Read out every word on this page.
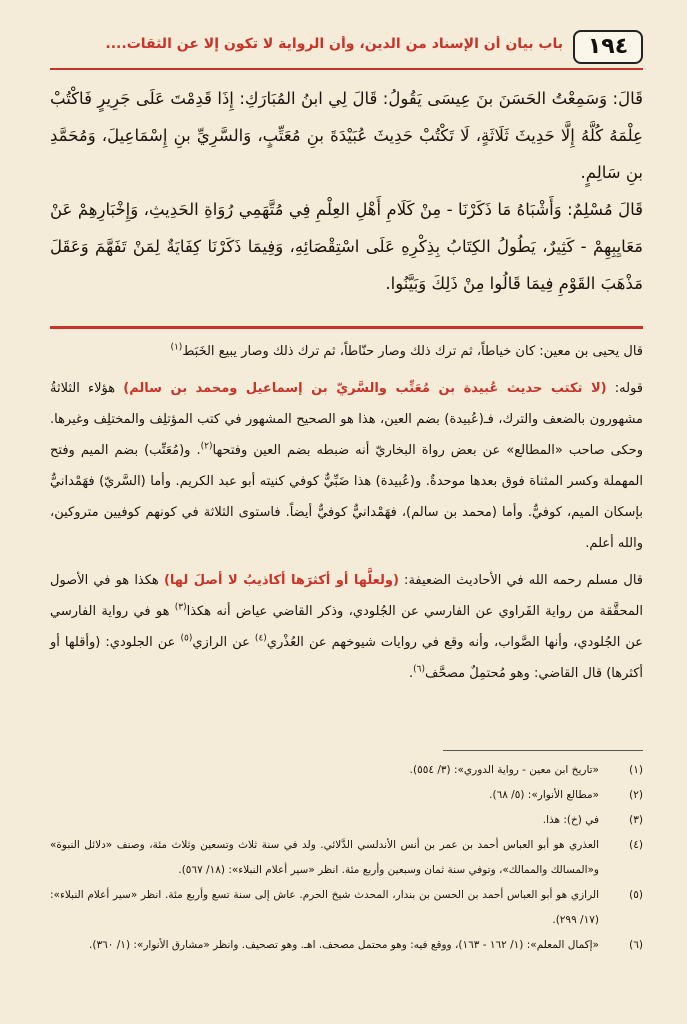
١٩٤
باب بيان أن الإسناد من الدين، وأن الرواية لا تكون إلا عن الثقات....

قَالَ: وَسَمِعْتُ الحَسَنَ بنَ عِيسَى يَقُولُ: قَالَ لِي ابنُ المُبَارَكِ: إِذَا قَدِمْتَ عَلَى جَرِيرٍ فَاكْتُبْ عِلْمَهُ كُلَّهُ إِلَّا حَدِيثَ ثَلَاثَةٍ، لَا تَكْتُبْ حَدِيثَ عُبَيْدَةَ بنِ مُعَتِّبٍ، وَالسَّرِيِّ بنِ إِسْمَاعِيلَ، وَمُحَمَّدِ بنِ سَالِمٍ.

قَالَ مُسْلِمٌ: وَأَشْبَاهُ مَا ذَكَرْنَا - مِنْ كَلَامِ أَهْلِ العِلْمِ فِي مُتَّهَمِي رُوَاةِ الحَدِيثِ، وَإِخْبَارِهِمْ عَنْ مَعَايِبِهِمْ - كَثِيرٌ، يَطُولُ الكِتَابُ بِذِكْرِهِ عَلَى اسْتِقْصَائِهِ، وَفِيمَا ذَكَرْنَا كِفَايَةٌ لِمَنْ تَفَهَّمَ وَعَقَلَ مَذْهَبَ القَوْمِ فِيمَا قَالُوا مِنْ ذَلِكَ وَبَيَّنُوا.

قال يحيى بن معين: كان خياطاً، ثم ترك ذلك وصار حنّاطاً، ثم ترك ذلك وصار يبيع الخَبَط$^{(١)}$

قوله: (لا تكتب حديث عُبيدة بن مُعَتِّب والسَّريّ بن إسماعيل ومحمد بن سالم) هؤلاء الثلاثةُ مشهورون بالضعف والترك، فـ(عُبيدة) بضم العين، هذا هو الصحيح المشهور في كتب المؤتلِف والمختلِف وغيرها. وحكى صاحب «المطالع» عن بعض رواة البخاريّ أنه ضبطه بضم العين وفتحها$^{(٢)}$. و(مُعَتِّب) بضم الميم وفتح المهملة وكسر المثناة فوق بعدها موحدةٌ. و(عُبيدة) هذا ضَبِّيٌّ كوفي كنيته أبو عبد الكريم. وأما (السَّريّ) فهَمْدانيٌّ بإسكان الميم، كوفيٌّ. وأما (محمد بن سالم)، فهَمْدانيٌّ كوفيٌّ أيضاً. فاستوى الثلاثة في كونهم كوفيين متروكين، والله أعلم.

قال مسلم رحمه الله في الأحاديث الضعيفة: (ولعلَّها أو أكثرَها أكاذيبُ لا أصلَ لها) هكذا هو في الأصول المحقَّقة من رواية الفَراوي عن الفارسي عن الجُلودي، وذكر القاضي عياض أنه هكذا$^{(٣)}$ هو في رواية الفارسي عن الجُلودي، وأنها الصَّواب، وأنه وقع في روايات شيوخهم عن العُذْري$^{(٤)}$ عن الرازي$^{(٥)}$ عن الجلودي: (وأقلها أو أكثرها) قال القاضي: وهو مُحتمِلٌ مصحَّف$^{(٦)}$.

(١)
«تاريخ ابن معين - رواية الدوري»: (٣/ ٥٥٤).
(٢)
«مطالع الأنوار»: (٥/ ٦٨).
(٣)
في (خ): هذا.
(٤)
العذري هو أبو العباس أحمد بن عمر بن أنس الأندلسي الدَّلائي. ولد في سنة ثلاث وتسعين وثلاث مئة، وصنف «دلائل النبوة» و«المسالك والممالك»، وتوفي سنة ثمان وسبعين وأربع مئة. انظر «سير أعلام النبلاء»: (١٨/ ٥٦٧).
(٥)
الرازي هو أبو العباس أحمد بن الحسن بن بندار، المحدث شيخ الحرم. عاش إلى سنة تسع وأربع مئة. انظر «سير أعلام النبلاء»: (١٧/ ٢٩٩).
(٦)
«إكمال المعلم»: (١/ ١٦٢ - ١٦٣)، ووقع فيه: وهو محتمل مصحف. اهـ. وهو تصحيف. وانظر «مشارق الأنوار»: (١/ ٣٦٠).
